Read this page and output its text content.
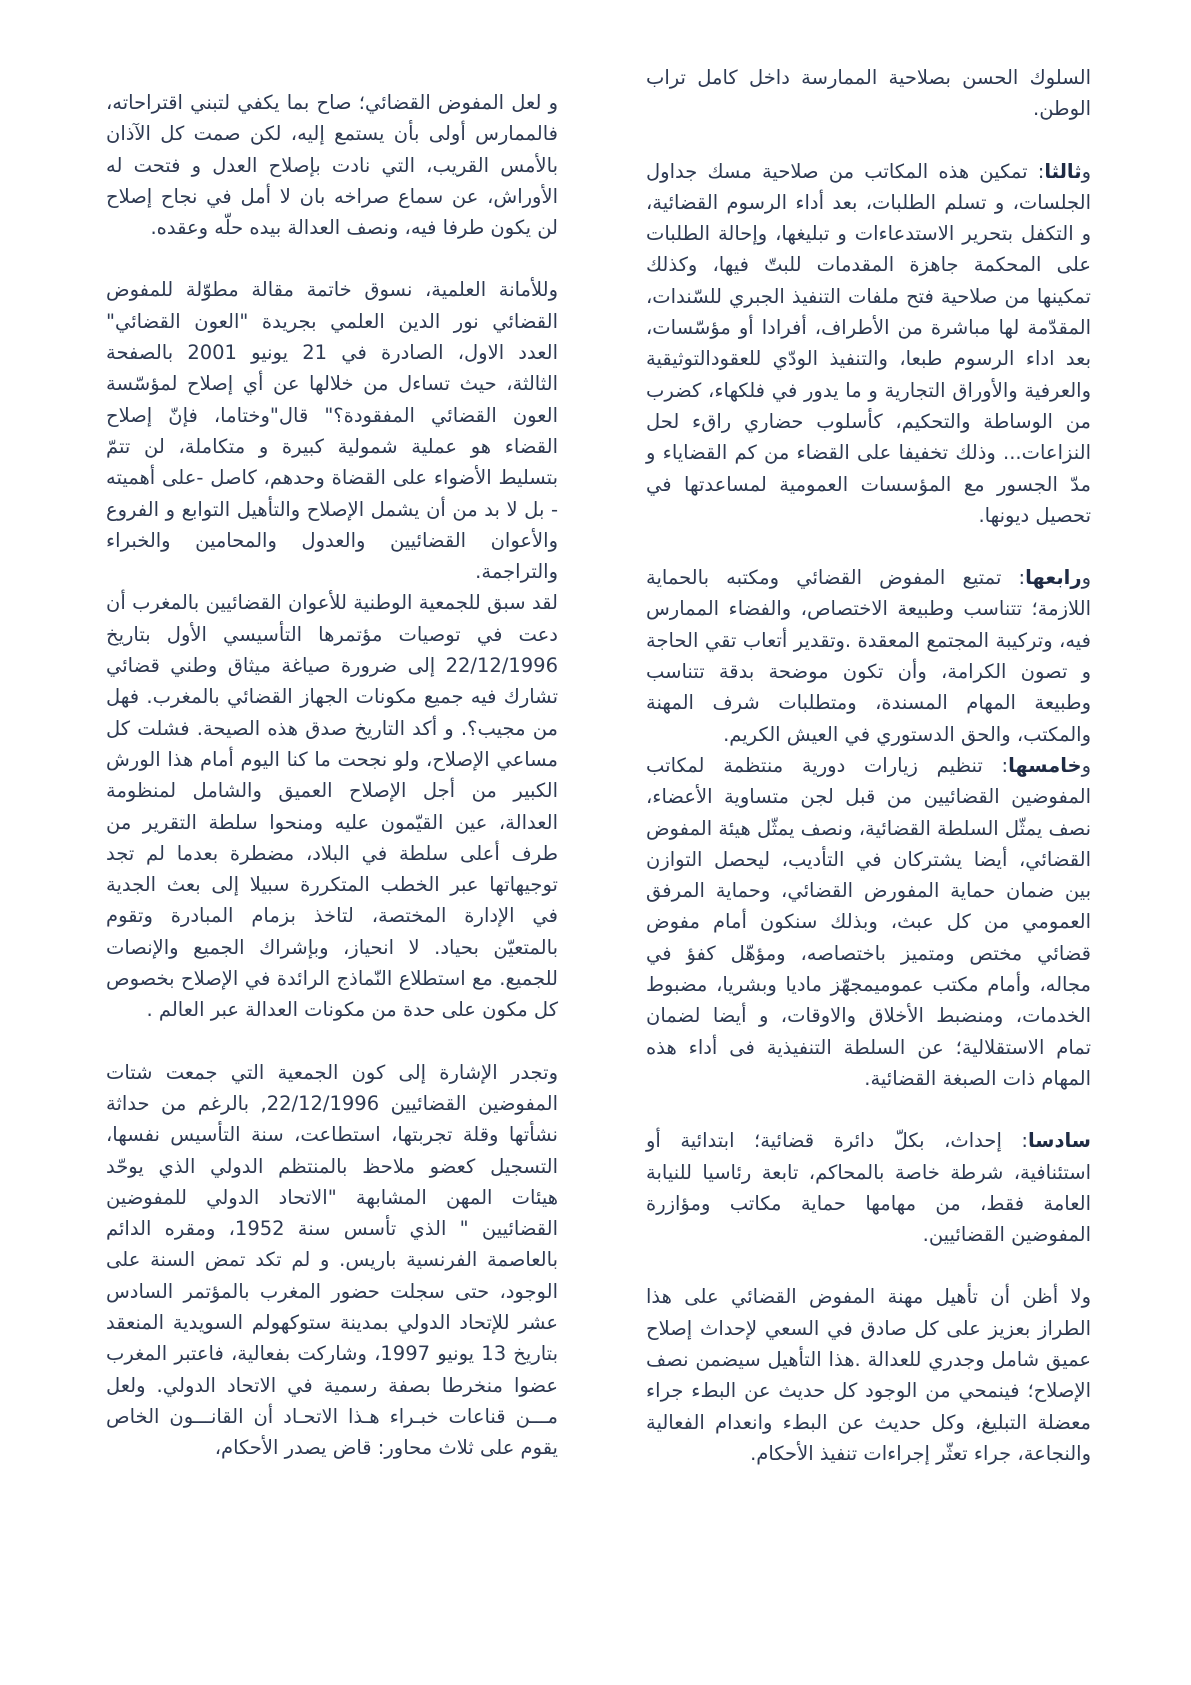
السلوك الحسن بصلاحية الممارسة داخل كامل تراب الوطن.

وثالثا: تمكين هذه المكاتب من صلاحية مسك جداول الجلسات، و تسلم الطلبات، بعد أداء الرسوم القضائية، و التكفل بتحرير الاستدعاءات و تبليغها، وإحالة الطلبات على المحكمة جاهزة المقدمات للبتّ فيها، وكذلك تمكينها من صلاحية فتح ملفات التنفيذ الجبري للسّندات، المقدّمة لها مباشرة من الأطراف، أفرادا أو مؤسّسات، بعد اداء الرسوم طبعا، والتنفيذ الودّي للعقودالتوثيقية والعرفية والأوراق التجارية و ما يدور في فلكهاء، كضرب من الوساطة والتحكيم، كأسلوب حضاري راقء لحل النزاعات... وذلك تخفيفا على القضاء من كم القضاياء و مدّ الجسور مع المؤسسات العمومية لمساعدتها في تحصيل ديونها.

ورابعها: تمتيع المفوض القضائي ومكتبه بالحماية اللازمة؛ تتناسب وطبيعة الاختصاص، والفضاء الممارس فيه، وتركيبة المجتمع المعقدة .وتقدير أتعاب تقي الحاجة و تصون الكرامة، وأن تكون موضحة بدقة تتناسب وطبيعة المهام المسندة، ومتطلبات شرف المهنة والمكتب، والحق الدستوري في العيش الكريم.

وخامسها: تنظيم زيارات دورية منتظمة لمكاتب المفوضين القضائيين من قبل لجن متساوية الأعضاء، نصف يمثّل السلطة القضائية، ونصف يمثّل هيئة المفوض القضائي، أيضا يشتركان في التأديب، ليحصل التوازن بين ضمان حماية المفورض القضائي، وحماية المرفق العمومي من كل عبث، وبذلك سنكون أمام مفوض قضائي مختص ومتميز باختصاصه، ومؤهّل كفؤ في مجاله، وأمام مكتب عموميمجهّز ماديا وبشريا، مضبوط الخدمات، ومنضبط الأخلاق والاوقات، و أيضا لضمان تمام الاستقلالية؛ عن السلطة التنفيذية فى أداء هذه المهام ذات الصبغة القضائية.

سادسا: إحداث، بكلّ دائرة قضائية؛ ابتدائية أو استئنافية، شرطة خاصة بالمحاكم، تابعة رئاسيا للنيابة العامة فقط، من مهامها حماية مكاتب ومؤازرة المفوضين القضائيين.

ولا أظن أن تأهيل مهنة المفوض القضائي على هذا الطراز بعزيز على كل صادق في السعي لإحداث إصلاح عميق شامل وجدري للعدالة .هذا التأهيل سيضمن نصف الإصلاح؛ فينمحي من الوجود كل حديث عن البطء جراء معضلة التبليغ، وكل حديث عن البطء وانعدام الفعالية والنجاعة، جراء تعثّر إجراءات تنفيذ الأحكام.

و لعل المفوض القضائي؛ صاح بما يكفي لتبني اقتراحاته، فالممارس أولى بأن يستمع إليه، لكن صمت كل الآذان بالأمس القريب، التي نادت بإصلاح العدل و فتحت له الأوراش، عن سماع صراخه بان لا أمل في نجاح إصلاح لن يكون طرفا فيه، ونصف العدالة بيده حلّه وعقده.

وللأمانة العلمية، نسوق خاتمة مقالة مطوّلة للمفوض القضائي نور الدين العلمي بجريدة "العون القضائي" العدد الاول، الصادرة في 21 يونيو 2001 بالصفحة الثالثة، حيث تساءل من خلالها عن أي إصلاح لمؤسّسة العون القضائي المفقودة؟" قال"وختاما، فإنّ إصلاح القضاء هو عملية شمولية كبيرة و متكاملة، لن تتمّ بتسليط الأضواء على القضاة وحدهم، كاصل -على أهميته - بل لا بد من أن يشمل الإصلاح والتأهيل التوابع و الفروع والأعوان القضائيين والعدول والمحامين والخبراء والتراجمة.

لقد سبق للجمعية الوطنية للأعوان القضائيين بالمغرب أن دعت في توصيات مؤتمرها التأسيسي الأول بتاريخ 22/12/1996 إلى ضرورة صياغة ميثاق وطني قضائي تشارك فيه جميع مكونات الجهاز القضائي بالمغرب. فهل من مجيب؟. و أكد التاريخ صدق هذه الصيحة. فشلت كل مساعي الإصلاح، ولو نجحت ما كنا اليوم أمام هذا الورش الكبير من أجل الإصلاح العميق والشامل لمنظومة العدالة، عين القيّمون عليه ومنحوا سلطة التقرير من طرف أعلى سلطة في البلاد، مضطرة بعدما لم تجد توجيهاتها عبر الخطب المتكررة سبيلا إلى بعث الجدية في الإدارة المختصة، لتاخذ بزمام المبادرة وتقوم بالمتعيّن بحياد. لا انحياز، وبإشراك الجميع والإنصات للجميع. مع استطلاع النّماذج الرائدة في الإصلاح بخصوص كل مكون على حدة من مكونات العدالة عبر العالم .

وتجدر الإشارة إلى كون الجمعية التي جمعت شتات المفوضين القضائيين 22/12/1996, بالرغم من حداثة نشأتها وقلة تجربتها، استطاعت، سنة التأسيس نفسها، التسجيل كعضو ملاحظ بالمنتظم الدولي الذي يوحّد هيئات المهن المشابهة "الاتحاد الدولي للمفوضين القضائيين " الذي تأسس سنة 1952، ومقره الدائم بالعاصمة الفرنسية باريس. و لم تكد تمض السنة على الوجود، حتى سجلت حضور المغرب بالمؤتمر السادس عشر للإتحاد الدولي بمدينة ستوكهولم السويدية المنعقد بتاريخ 13 يونيو 1997، وشاركت بفعالية، فاعتبر المغرب عضوا منخرطا بصفة رسمية في الاتحاد الدولي. ولعل مـــن قناعات خبـراء هـذا الاتحـاد أن القانـــون الخاص يقوم على ثلاث محاور: قاض يصدر الأحكام،
